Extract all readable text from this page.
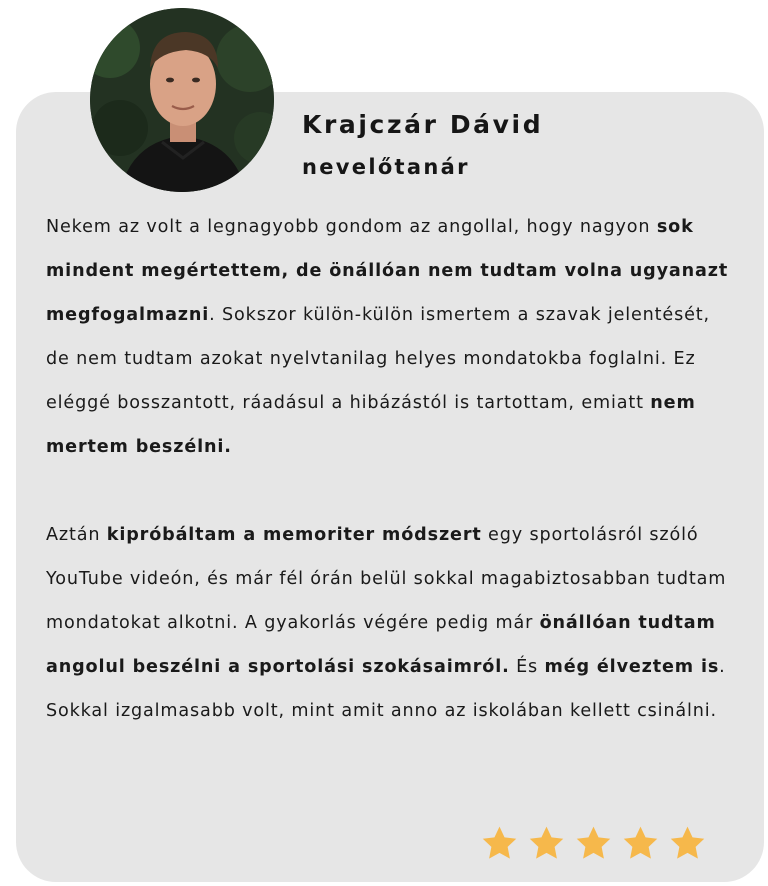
Krajczár Dávid
nevelőtanár

Nekem az volt a legnagyobb gondom az angollal, hogy nagyon sok mindent megértettem, de önállóan nem tudtam volna ugyanazt megfogalmazni. Sokszor külön-külön ismertem a szavak jelentését, de nem tudtam azokat nyelvtanilag helyes mondatokba foglalni. Ez eléggé bosszantott, ráadásul a hibázástól is tartottam, emiatt nem mertem beszélni.

Aztán kipróbáltam a memoriter módszert egy sportolásról szóló YouTube videón, és már fél órán belül sokkal magabiztosabban tudtam mondatokat alkotni. A gyakorlás végére pedig már önállóan tudtam angolul beszélni a sportolási szokásaimról. És még élveztem is. Sokkal izgalmasabb volt, mint amit anno az iskolában kellett csinálni.
